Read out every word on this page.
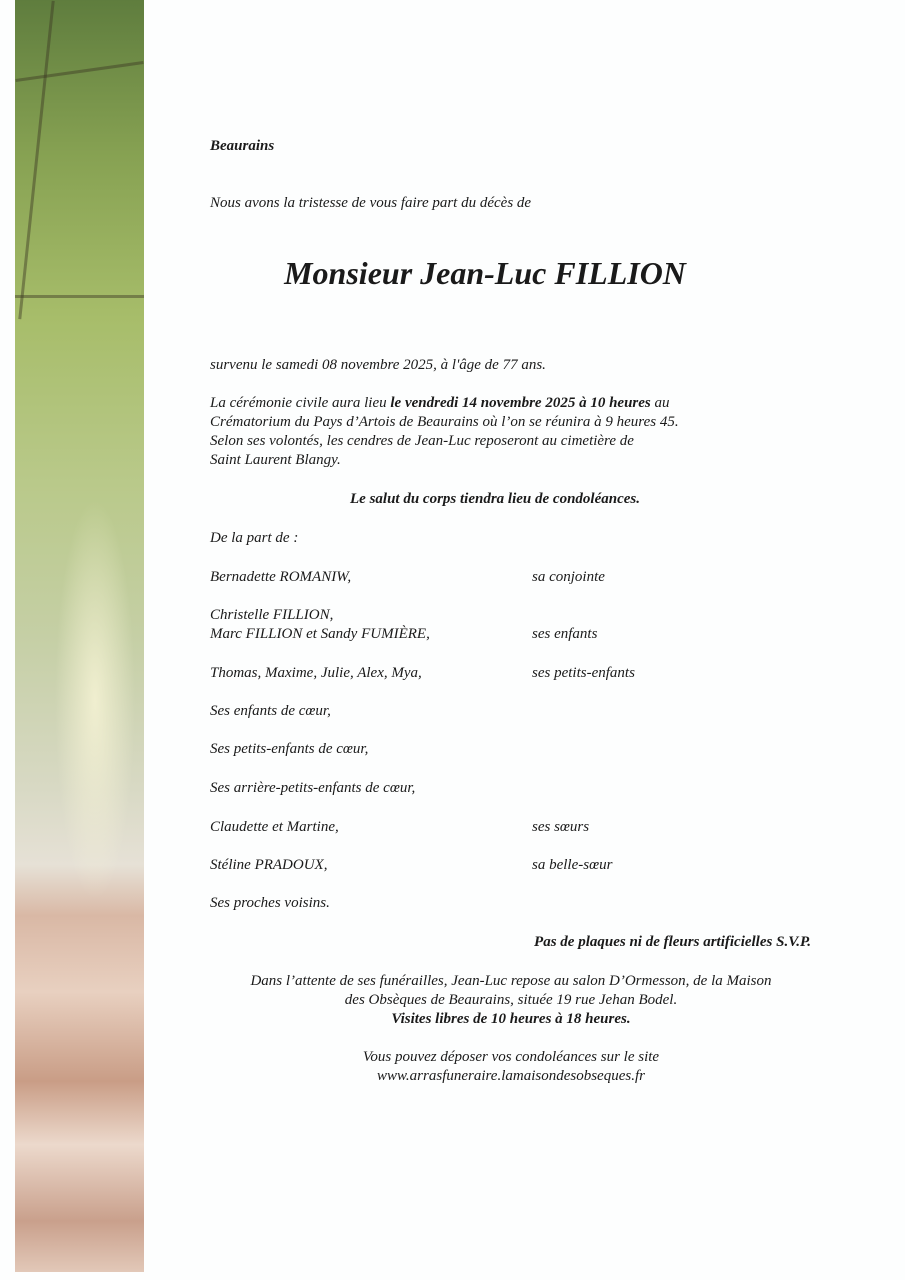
Beaurains
Nous avons la tristesse de vous faire part du décès de
Monsieur Jean-Luc FILLION
survenu le samedi 08 novembre 2025, à l'âge de 77 ans.
La cérémonie civile aura lieu le vendredi 14 novembre 2025 à 10 heures au
Crématorium du Pays d’Artois de Beaurains où l’on se réunira à 9 heures 45.
Selon ses volontés, les cendres de Jean-Luc reposeront au cimetière de
Saint Laurent Blangy.
Le salut du corps tiendra lieu de condoléances.
De la part de :
Bernadette ROMANIW,	sa conjointe
Christelle FILLION,
Marc FILLION et Sandy FUMIÈRE,	ses enfants
Thomas, Maxime, Julie, Alex, Mya,	ses petits-enfants
Ses enfants de cœur,
Ses petits-enfants de cœur,
Ses arrière-petits-enfants de cœur,
Claudette et Martine,	ses sœurs
Stéline PRADOUX,	sa belle-sœur
Ses proches voisins.
Pas de plaques ni de fleurs artificielles S.V.P.
Dans l’attente de ses funérailles, Jean-Luc repose au salon D’Ormesson, de la Maison
des Obsèques de Beaurains, située 19 rue Jehan Bodel.
Visites libres de 10 heures à 18 heures.
Vous pouvez déposer vos condoléances sur le site
www.arrasfuneraire.lamaisondesobseques.fr
